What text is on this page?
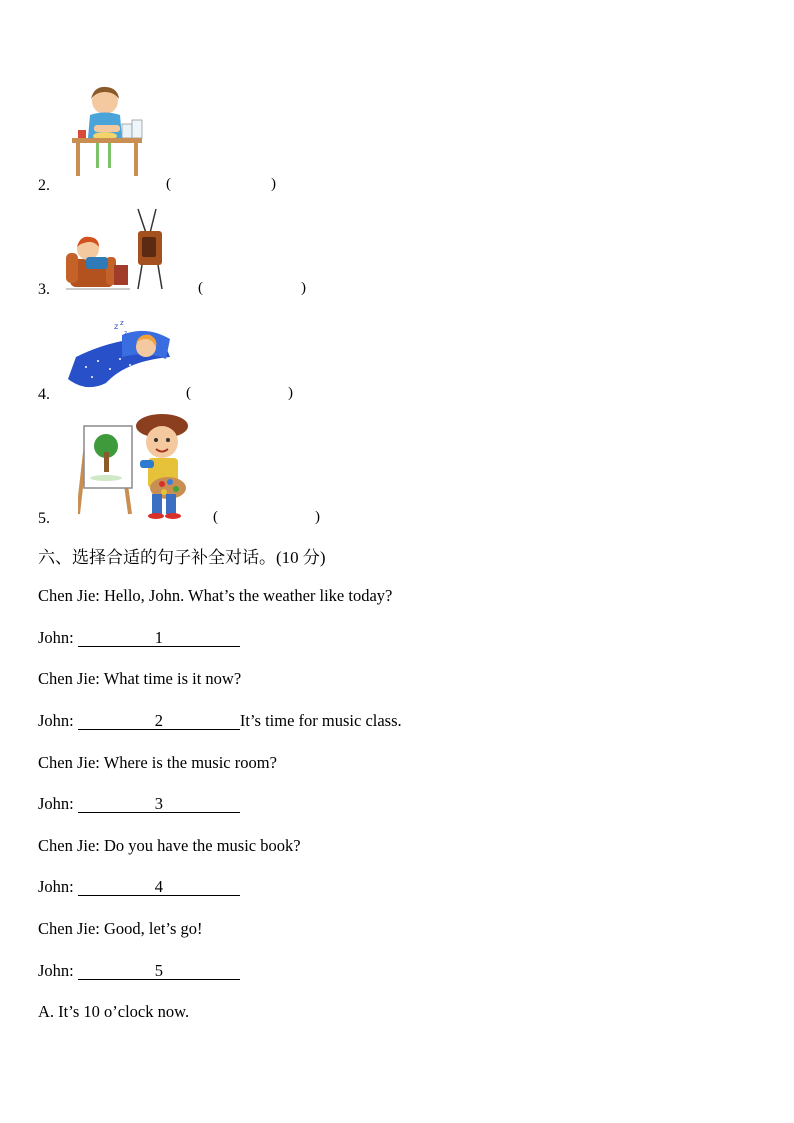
2.	(	)
3.	(	)
z z
z
4.	(	)
5.	(	)
六、选择合适的句子补全对话。(10 分)
Chen Jie: Hello, John. What’s the weather like today?
John:	1
Chen Jie: What time is it now?
John:	2	It’s time for music class.
Chen Jie: Where is the music room?
John:	3
Chen Jie: Do you have the music book?
John:	4
Chen Jie: Good, let’s go!
John:	5
A. It’s 10 o’clock now.
